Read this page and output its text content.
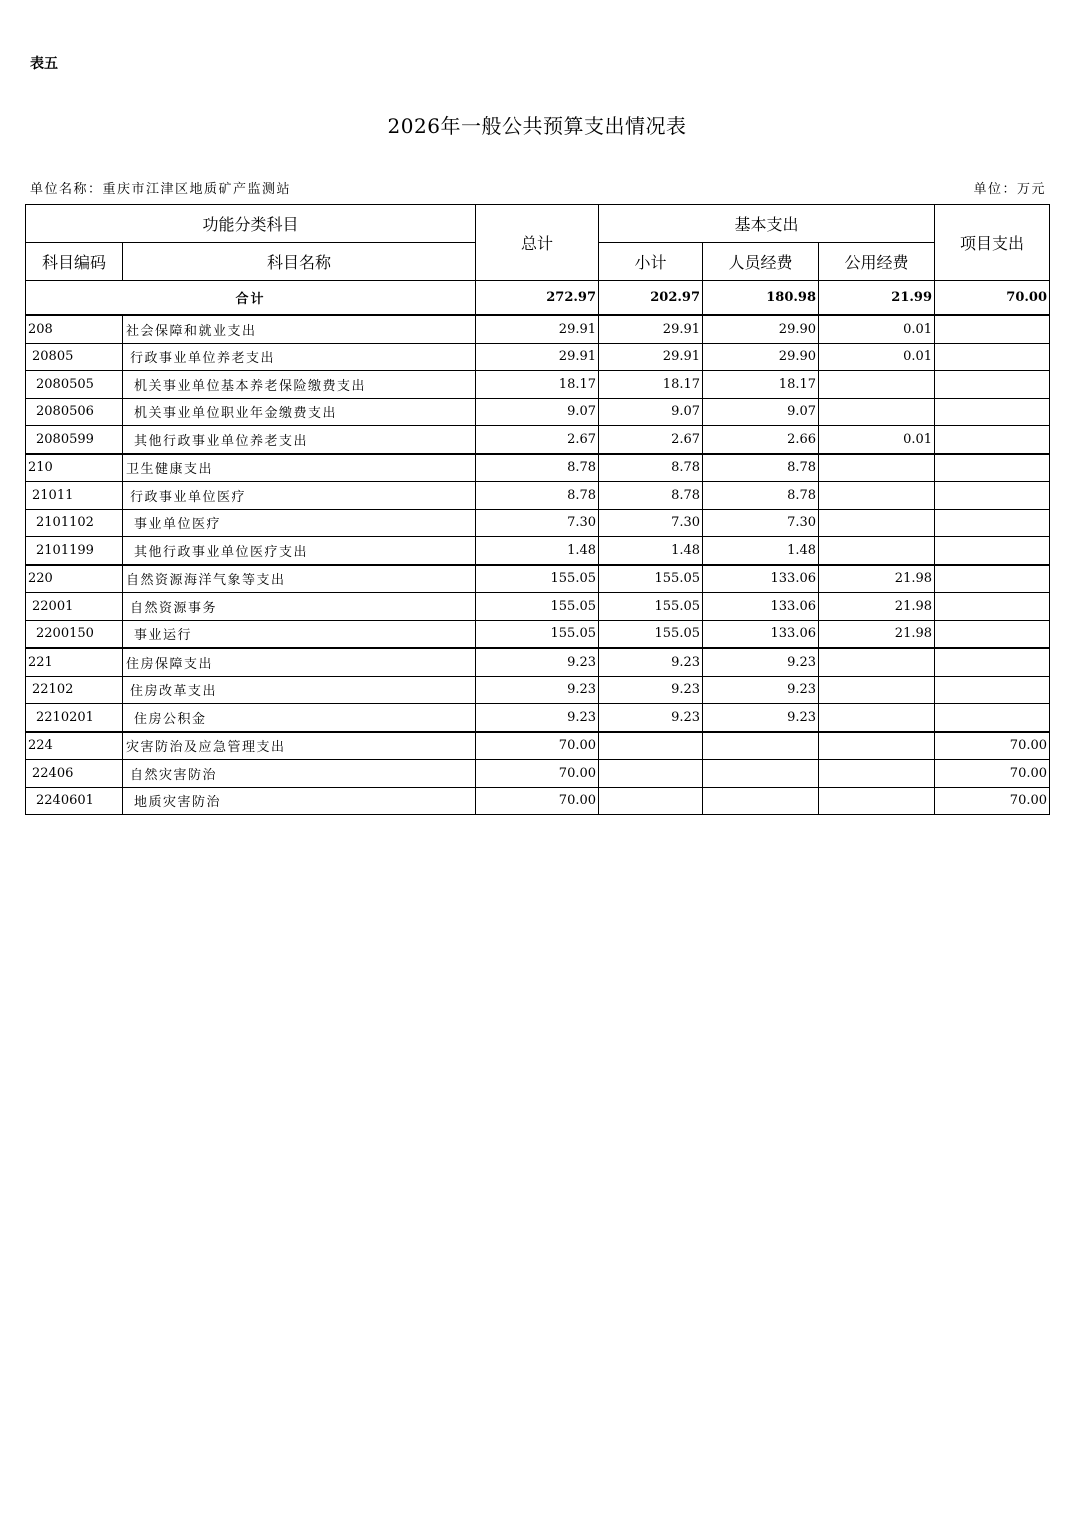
表五
2026年一般公共预算支出情况表
单位名称：重庆市江津区地质矿产监测站	单位：万元
功能分类科目		总计	基本支出			项目支出
科目编码	科目名称		小计	人员经费	公用经费	
合计		272.97	202.97	180.98	21.99	70.00
208	社会保障和就业支出	29.91	29.91	29.90	0.01	
20805	行政事业单位养老支出	29.91	29.91	29.90	0.01	
2080505	机关事业单位基本养老保险缴费支出	18.17	18.17	18.17		
2080506	机关事业单位职业年金缴费支出	9.07	9.07	9.07		
2080599	其他行政事业单位养老支出	2.67	2.67	2.66	0.01	
210	卫生健康支出	8.78	8.78	8.78		
21011	行政事业单位医疗	8.78	8.78	8.78		
2101102	事业单位医疗	7.30	7.30	7.30		
2101199	其他行政事业单位医疗支出	1.48	1.48	1.48		
220	自然资源海洋气象等支出	155.05	155.05	133.06	21.98	
22001	自然资源事务	155.05	155.05	133.06	21.98	
2200150	事业运行	155.05	155.05	133.06	21.98	
221	住房保障支出	9.23	9.23	9.23		
22102	住房改革支出	9.23	9.23	9.23		
2210201	住房公积金	9.23	9.23	9.23		
224	灾害防治及应急管理支出	70.00				70.00
22406	自然灾害防治	70.00				70.00
2240601	地质灾害防治	70.00				70.00
